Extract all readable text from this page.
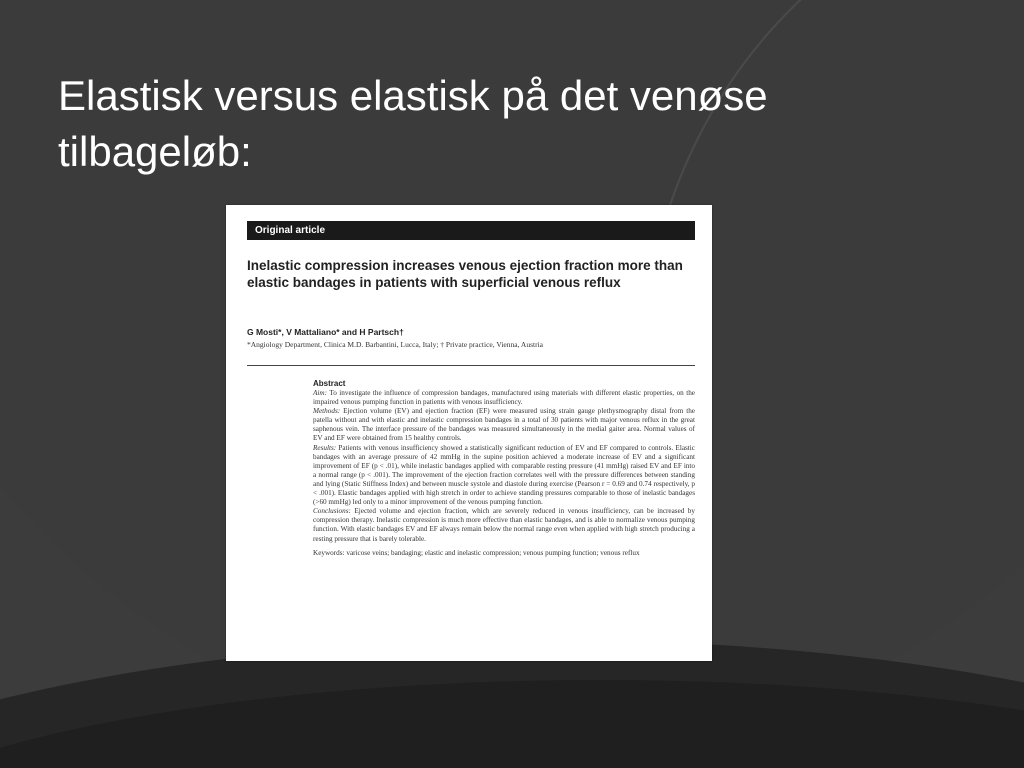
Elastisk versus elastisk på det venøse tilbageløb:
Original article
Inelastic compression increases venous ejection fraction more than elastic bandages in patients with superficial venous reflux
G Mosti*, V Mattaliano* and H Partsch†
*Angiology Department, Clinica M.D. Barbantini, Lucca, Italy; † Private practice, Vienna, Austria

Abstract

Aim: To investigate the influence of compression bandages, manufactured using materials with different elastic properties, on the impaired venous pumping function in patients with venous insufficiency.

Methods: Ejection volume (EV) and ejection fraction (EF) were measured using strain gauge plethysmography distal from the patella without and with elastic and inelastic compression bandages in a total of 30 patients with major venous reflux in the great saphenous vein. The interface pressure of the bandages was measured simultaneously in the medial gaiter area. Normal values of EV and EF were obtained from 15 healthy controls.

Results: Patients with venous insufficiency showed a statistically significant reduction of EV and EF compared to controls. Elastic bandages with an average pressure of 42 mmHg in the supine position achieved a moderate increase of EV and a significant improvement of EF (p < .01), while inelastic bandages applied with comparable resting pressure (41 mmHg) raised EV and EF into a normal range (p < .001). The improvement of the ejection fraction correlates well with the pressure differences between standing and lying (Static Stiffness Index) and between muscle systole and diastole during exercise (Pearson r = 0.69 and 0.74 respectively, p < .001). Elastic bandages applied with high stretch in order to achieve standing pressures comparable to those of inelastic bandages (>60 mmHg) led only to a minor improvement of the venous pumping function.

Conclusions: Ejected volume and ejection fraction, which are severely reduced in venous insufficiency, can be increased by compression therapy. Inelastic compression is much more effective than elastic bandages, and is able to normalize venous pumping function. With elastic bandages EV and EF always remain below the normal range even when applied with high stretch producing a resting pressure that is barely tolerable.

Keywords: varicose veins; bandaging; elastic and inelastic compression; venous pumping function; venous reflux
